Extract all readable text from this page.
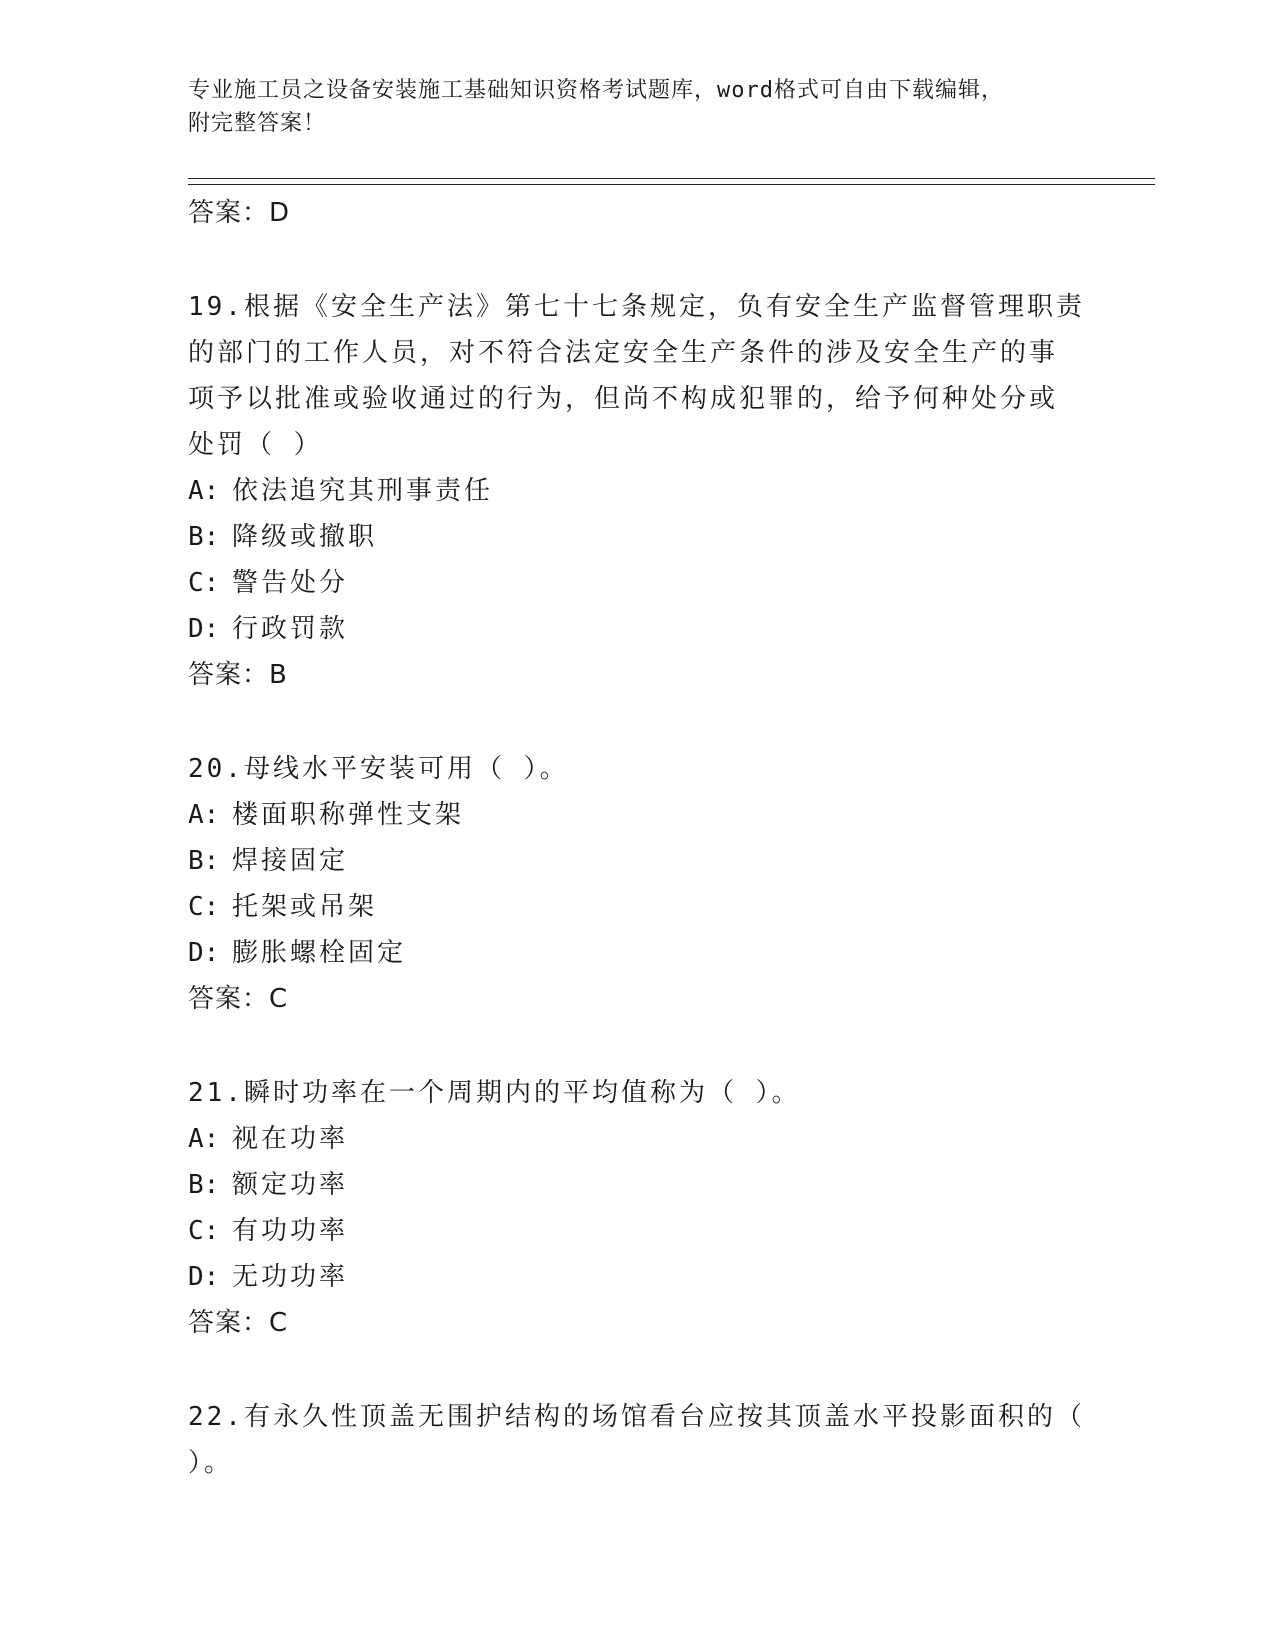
专业施工员之设备安装施工基础知识资格考试题库，word格式可自由下载编辑，
附完整答案！
答案：D
19.根据《安全生产法》第七十七条规定，负有安全生产监督管理职责
的部门的工作人员，对不符合法定安全生产条件的涉及安全生产的事
项予以批准或验收通过的行为，但尚不构成犯罪的，给予何种处分或
处罚（ ）
A: 依法追究其刑事责任
B: 降级或撤职
C: 警告处分
D: 行政罚款
答案：B
20.母线水平安装可用（ ）。
A: 楼面职称弹性支架
B: 焊接固定
C: 托架或吊架
D: 膨胀螺栓固定
答案：C
21.瞬时功率在一个周期内的平均值称为（ ）。
A: 视在功率
B: 额定功率
C: 有功功率
D: 无功功率
答案：C
22.有永久性顶盖无围护结构的场馆看台应按其顶盖水平投影面积的（
）。
